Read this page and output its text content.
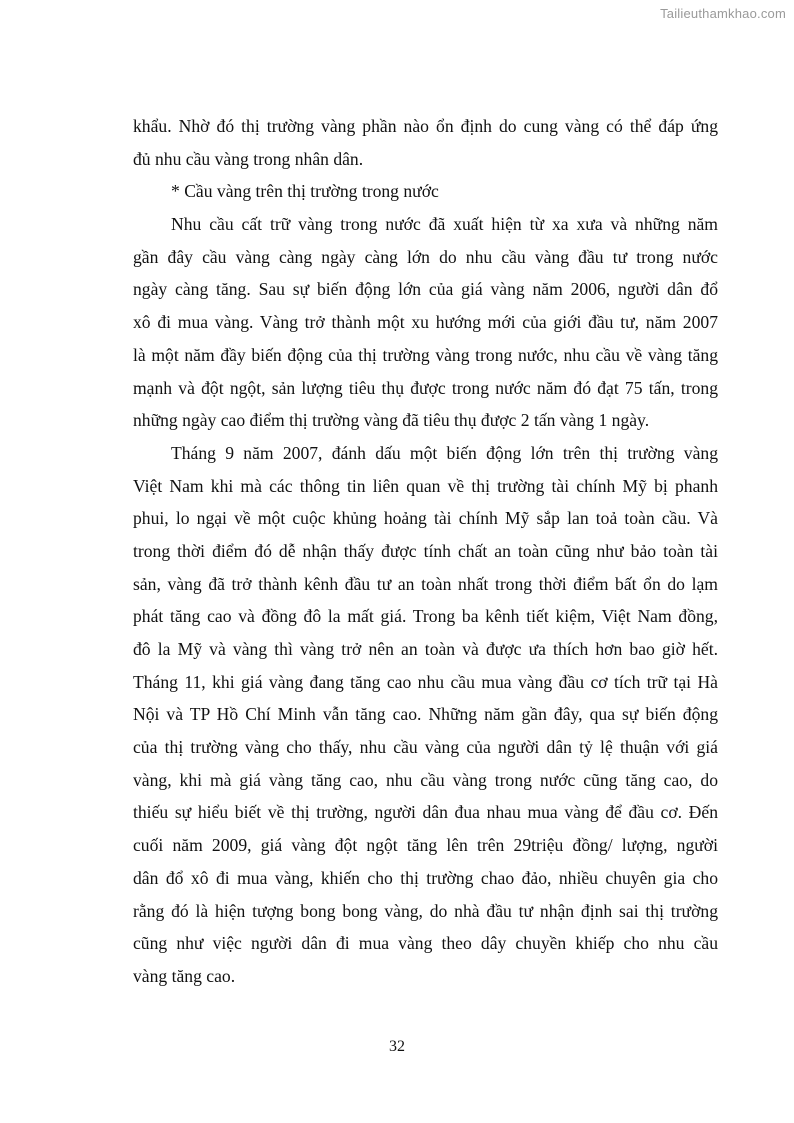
Tailieuthamkhao.com
khẩu. Nhờ đó thị trường vàng phần nào ổn định do cung vàng có thể đáp ứng
đủ nhu cầu vàng trong nhân dân.
* Cầu vàng trên thị trường trong nước
Nhu cầu cất trữ vàng trong nước đã xuất hiện từ xa xưa và những năm
gần đây cầu vàng càng ngày càng lớn do nhu cầu vàng đầu tư trong nước
ngày càng tăng. Sau sự biến động lớn của giá vàng năm 2006, người dân đổ
xô đi mua vàng. Vàng trở thành một xu hướng mới của giới đầu tư, năm 2007
là một năm đầy biến động của thị trường vàng trong nước, nhu cầu về vàng tăng
mạnh và đột ngột, sản lượng tiêu thụ được trong nước năm đó đạt 75 tấn, trong
những ngày cao điểm thị trường vàng đã tiêu thụ được 2 tấn vàng 1 ngày.
Tháng 9 năm 2007, đánh dấu một biến động lớn trên thị trường vàng
Việt Nam khi mà các thông tin liên quan về thị trường tài chính Mỹ bị phanh
phui, lo ngại về một cuộc khủng hoảng tài chính Mỹ sắp lan toả toàn cầu. Và
trong thời điểm đó dễ nhận thấy được tính chất an toàn cũng như bảo toàn tài
sản, vàng đã trở thành kênh đầu tư an toàn nhất trong thời điểm bất ổn do lạm
phát tăng cao và đồng đô la mất giá. Trong ba kênh tiết kiệm, Việt Nam đồng,
đô la Mỹ và vàng thì vàng trở nên an toàn và được ưa thích hơn bao giờ hết.
Tháng 11, khi giá vàng đang tăng cao nhu cầu mua vàng đầu cơ tích trữ tại Hà
Nội và TP Hồ Chí Minh vẫn tăng cao. Những năm gần đây, qua sự biến động
của thị trường vàng cho thấy, nhu cầu vàng của người dân tỷ lệ thuận với giá
vàng, khi mà giá vàng tăng cao, nhu cầu vàng trong nước cũng tăng cao, do
thiếu sự hiểu biết về thị trường, người dân đua nhau mua vàng để đầu cơ. Đến
cuối năm 2009, giá vàng đột ngột tăng lên trên 29triệu đồng/ lượng, người
dân đổ xô đi mua vàng, khiến cho thị trường chao đảo, nhiều chuyên gia cho
rằng đó là hiện tượng bong bong vàng, do nhà đầu tư nhận định sai thị trường
cũng như việc người dân đi mua vàng theo dây chuyền khiếp cho nhu cầu
vàng tăng cao.
32
